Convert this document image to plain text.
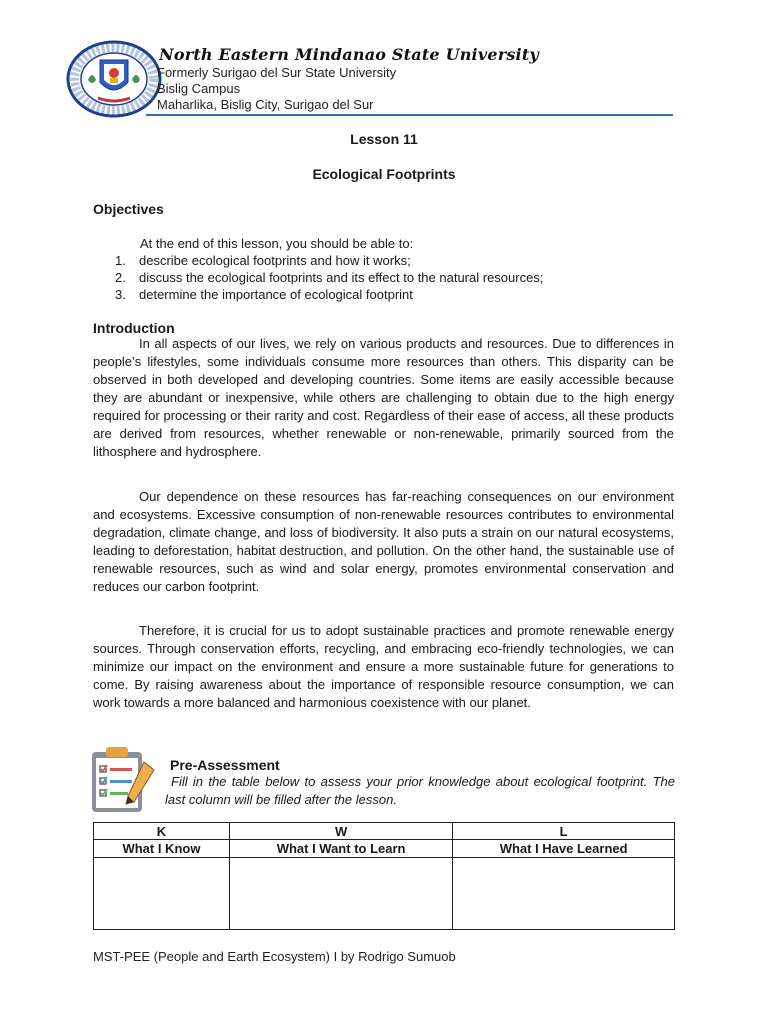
North Eastern Mindanao State University
Formerly Surigao del Sur State University
Bislig Campus
Maharlika, Bislig City, Surigao del Sur
Lesson 11
Ecological Footprints
Objectives
At the end of this lesson, you should be able to:
1.	describe ecological footprints and how it works;
2.	discuss the ecological footprints and its effect to the natural resources;
3.	determine the importance of ecological footprint
Introduction

In all aspects of our lives, we rely on various products and resources. Due to differences in people’s lifestyles, some individuals consume more resources than others. This disparity can be observed in both developed and developing countries. Some items are easily accessible because they are abundant or inexpensive, while others are challenging to obtain due to the high energy required for processing or their rarity and cost. Regardless of their ease of access, all these products are derived from resources, whether renewable or non-renewable, primarily sourced from the lithosphere and hydrosphere.

Our dependence on these resources has far-reaching consequences on our environment and ecosystems. Excessive consumption of non-renewable resources contributes to environmental degradation, climate change, and loss of biodiversity. It also puts a strain on our natural ecosystems, leading to deforestation, habitat destruction, and pollution. On the other hand, the sustainable use of renewable resources, such as wind and solar energy, promotes environmental conservation and reduces our carbon footprint.

Therefore, it is crucial for us to adopt sustainable practices and promote renewable energy sources. Through conservation efforts, recycling, and embracing eco-friendly technologies, we can minimize our impact on the environment and ensure a more sustainable future for generations to come. By raising awareness about the importance of responsible resource consumption, we can work towards a more balanced and harmonious coexistence with our planet.

Pre-Assessment

Fill in the table below to assess your prior knowledge about ecological footprint. The last column will be filled after the lesson.

K	W	L
What I Know	What I Want to Learn	What I Have Learned

MST-PEE (People and Earth Ecosystem) I by Rodrigo Sumuob
